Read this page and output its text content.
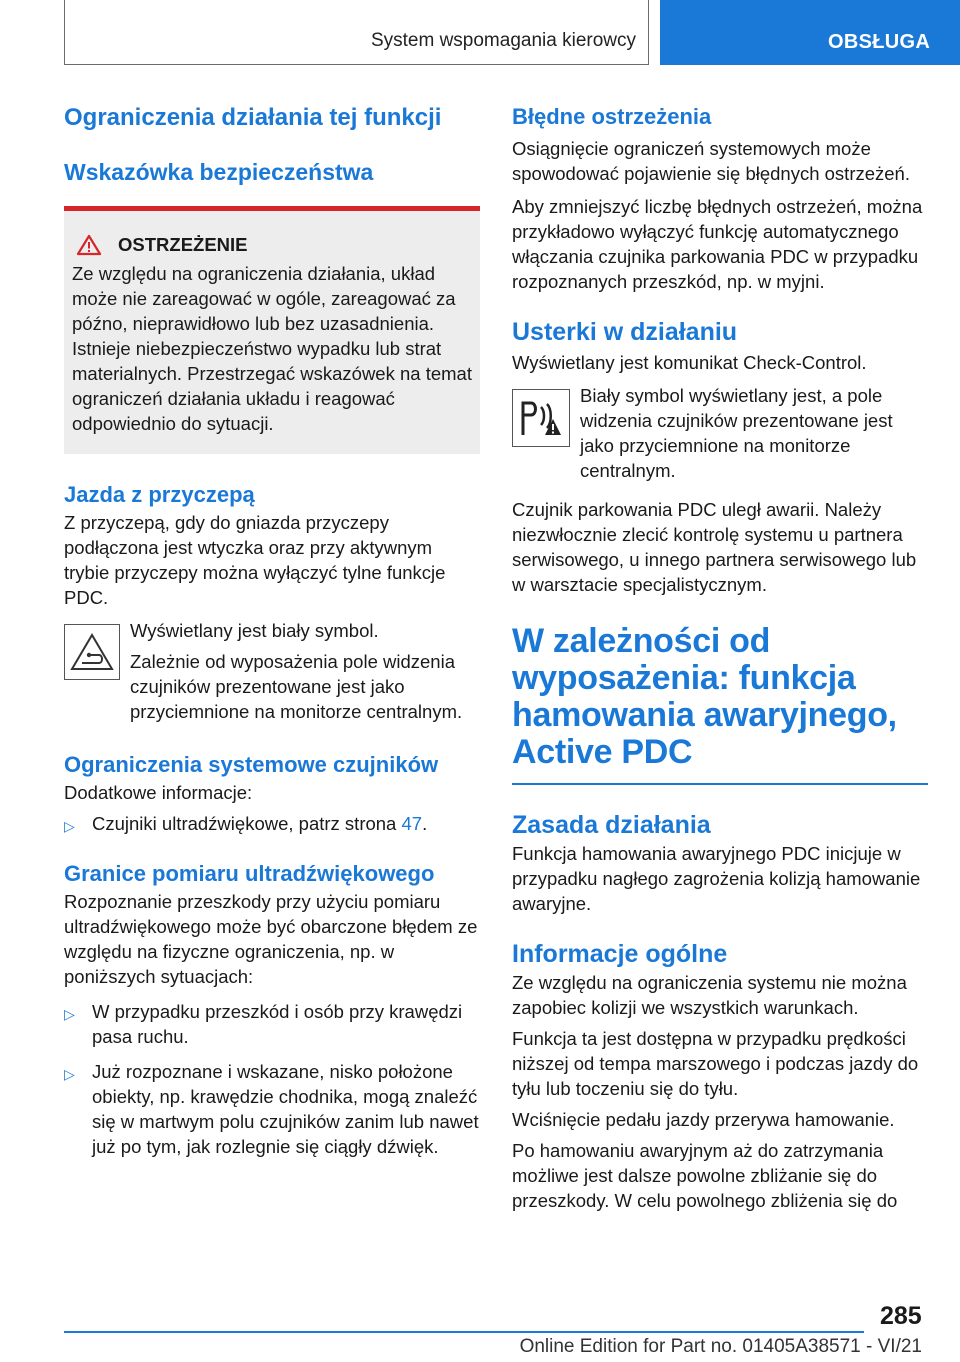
System wspomagania kierowcy	OBSŁUGA
Ograniczenia działania tej funkcji
Wskazówka bezpieczeństwa
OSTRZEŻENIE

Ze względu na ograniczenia działania, układ może nie zareagować w ogóle, zareagować za późno, nieprawidłowo lub bez uzasadnienia. Istnieje niebezpieczeństwo wypadku lub strat materialnych. Przestrzegać wskazówek na temat ograniczeń działania układu i reagować odpowiednio do sytuacji.

Jazda z przyczepą

Z przyczepą, gdy do gniazda przyczepy podłączona jest wtyczka oraz przy aktywnym trybie przyczepy można wyłączyć tylne funkcje PDC.

Wyświetlany jest biały symbol.

Zależnie od wyposażenia pole widzenia czujników prezentowane jest jako przyciemnione na monitorze centralnym.

Ograniczenia systemowe czujników

Dodatkowe informacje:

▷ Czujniki ultradźwiękowe, patrz strona 47.
Granice pomiaru ultradźwiękowego

Rozpoznanie przeszkody przy użyciu pomiaru ultradźwiękowego może być obarczone błędem ze względu na fizyczne ograniczenia, np. w poniższych sytuacjach:

▷ W przypadku przeszkód i osób przy krawędzi pasa ruchu.
▷ Już rozpoznane i wskazane, nisko położone obiekty, np. krawędzie chodnika, mogą znaleźć się w martwym polu czujników zanim lub nawet już po tym, jak rozlegnie się ciągły dźwięk.
Błędne ostrzeżenia

Osiągnięcie ograniczeń systemowych może spowodować pojawienie się błędnych ostrzeżeń.

Aby zmniejszyć liczbę błędnych ostrzeżeń, można przykładowo wyłączyć funkcję automatycznego włączania czujnika parkowania PDC w przypadku rozpoznanych przeszkód, np. w myjni.

Usterki w działaniu

Wyświetlany jest komunikat Check-Control.

Biały symbol wyświetlany jest, a pole widzenia czujników prezentowane jest jako przyciemnione na monitorze centralnym.

Czujnik parkowania PDC uległ awarii. Należy niezwłocznie zlecić kontrolę systemu u partnera serwisowego, u innego partnera serwisowego lub w warsztacie specjalistycznym.

W zależności od wyposażenia: funkcja hamowania awaryjnego, Active PDC
Zasada działania

Funkcja hamowania awaryjnego PDC inicjuje w przypadku nagłego zagrożenia kolizją hamowanie awaryjne.

Informacje ogólne

Ze względu na ograniczenia systemu nie można zapobiec kolizji we wszystkich warunkach.

Funkcja ta jest dostępna w przypadku prędkości niższej od tempa marszowego i podczas jazdy do tyłu lub toczeniu się do tyłu.

Wciśnięcie pedału jazdy przerywa hamowanie.

Po hamowaniu awaryjnym aż do zatrzymania możliwe jest dalsze powolne zbliżanie się do przeszkody. W celu powolnego zbliżenia się do

285
Online Edition for Part no. 01405A38571 - VI/21
